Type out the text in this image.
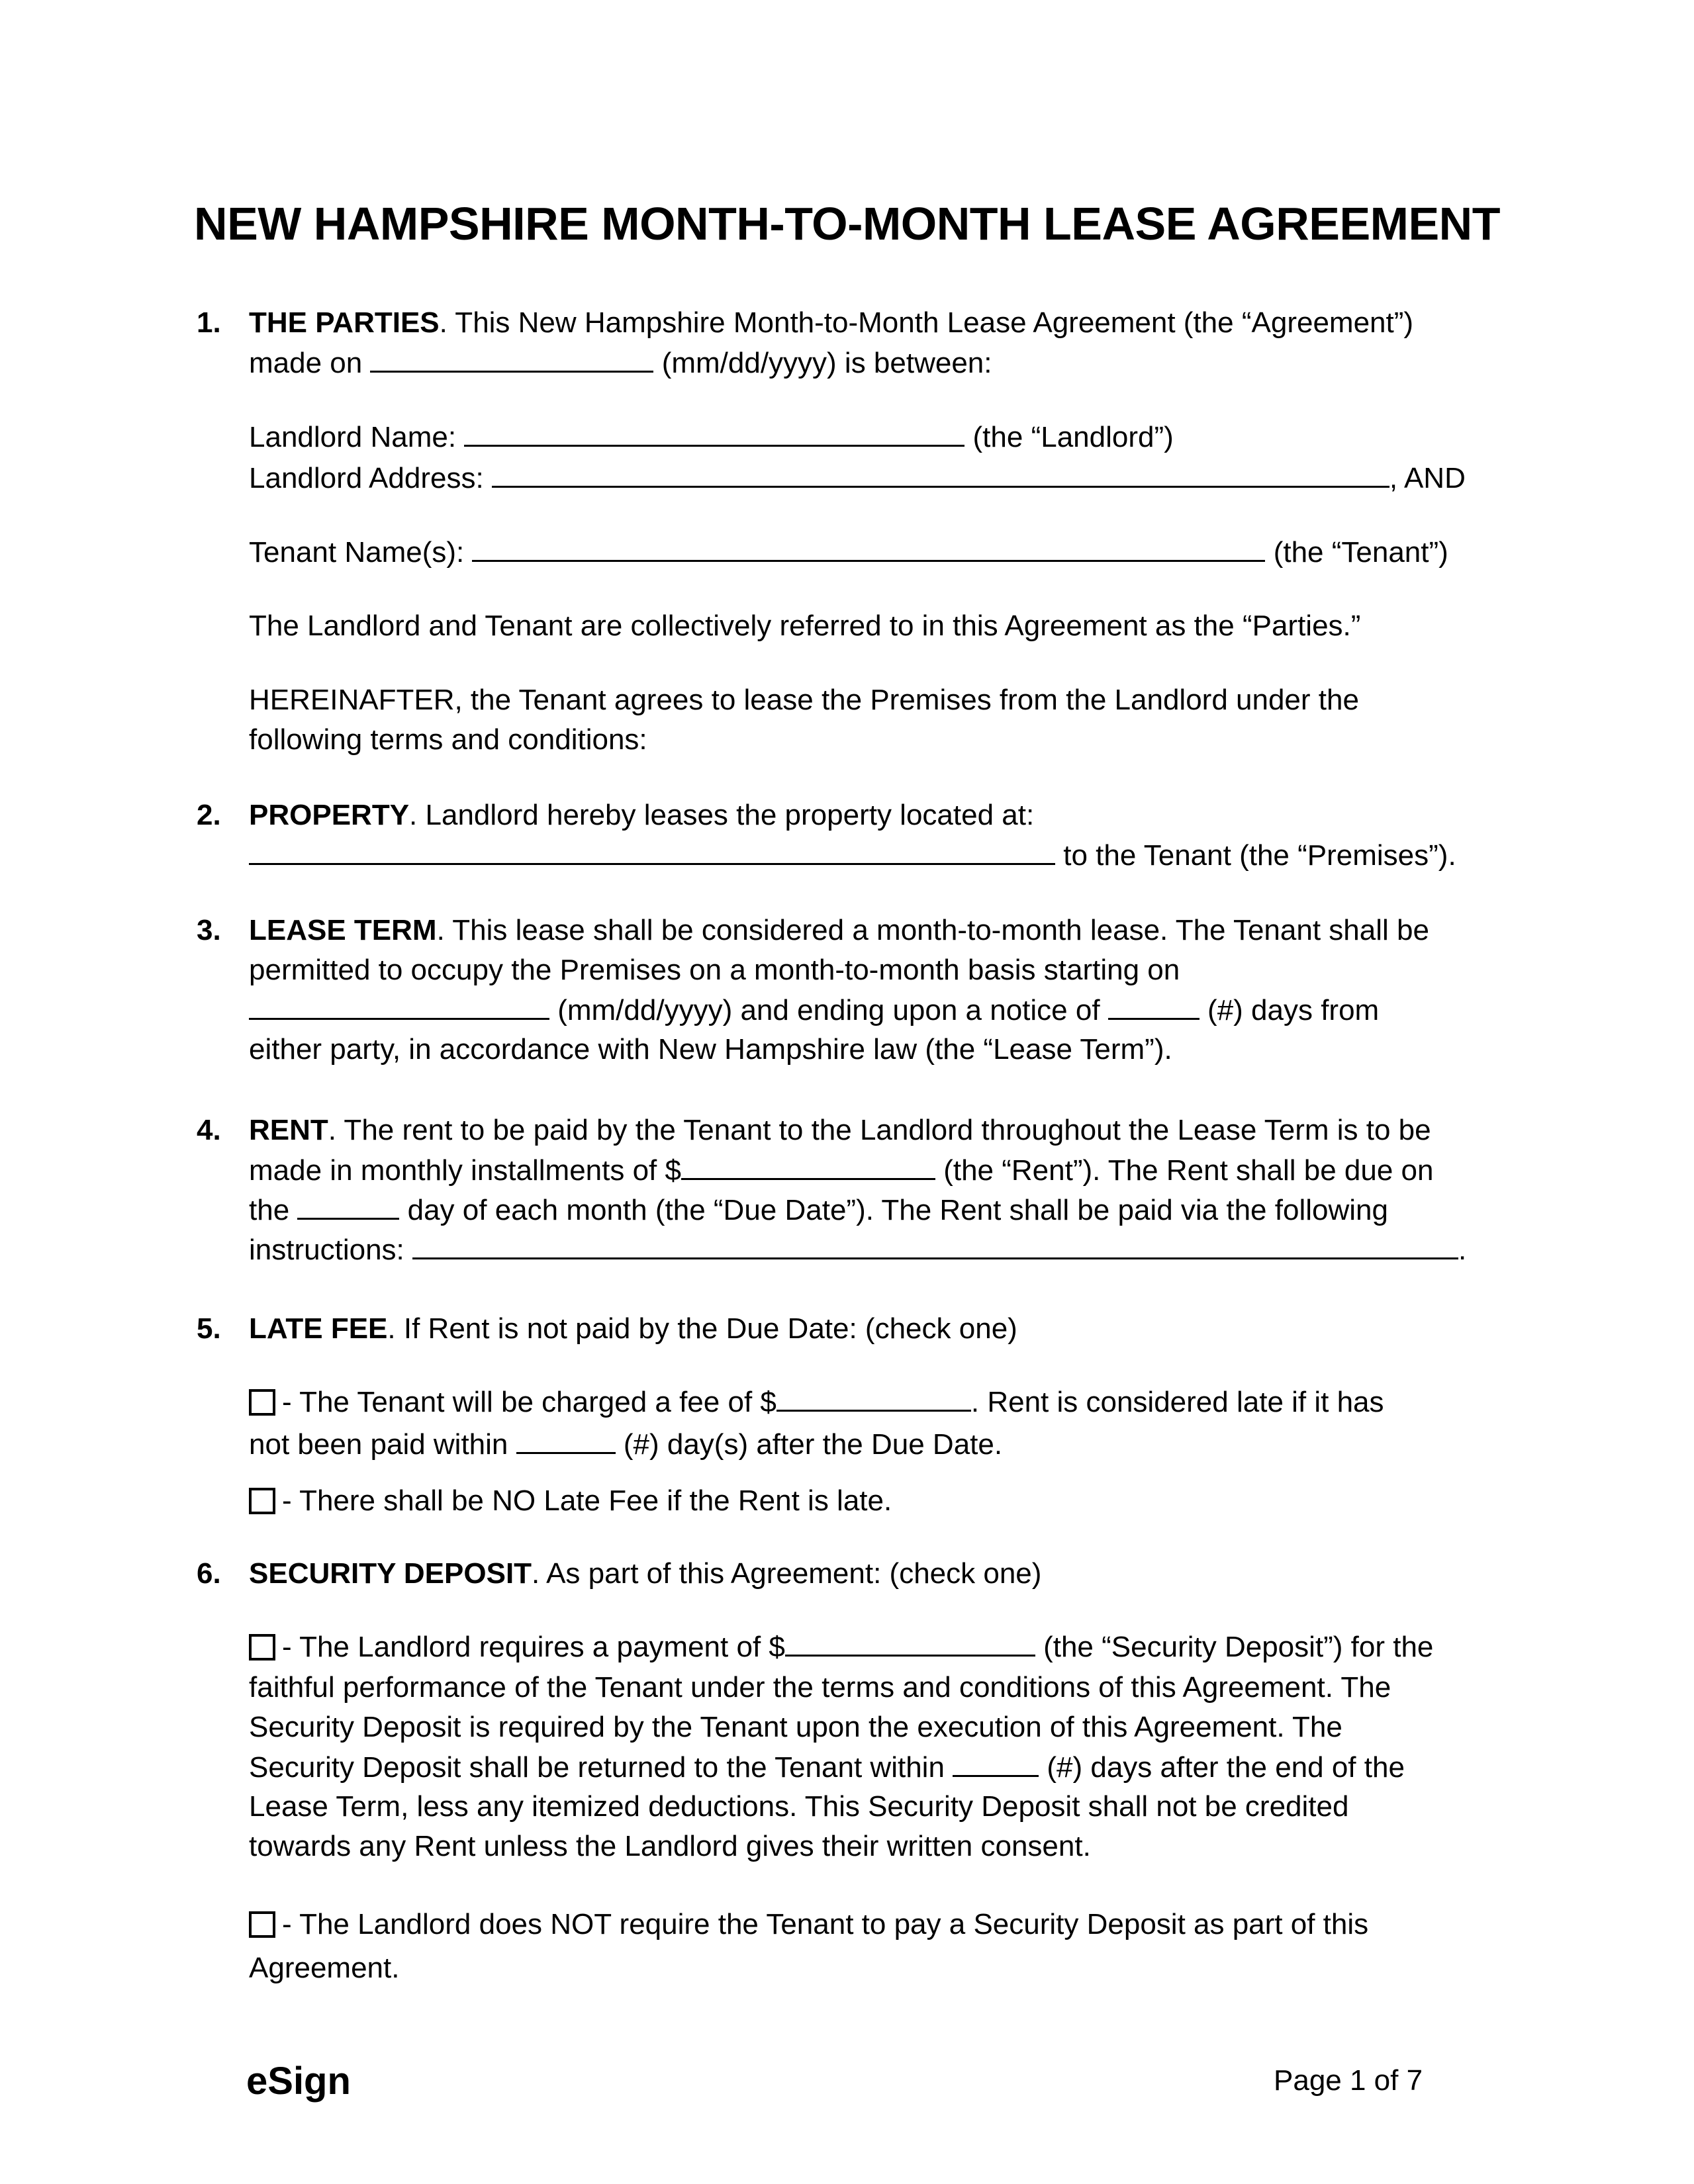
NEW HAMPSHIRE MONTH-TO-MONTH LEASE AGREEMENT
1. THE PARTIES. This New Hampshire Month-to-Month Lease Agreement (the “Agreement”)
made on	(mm/dd/yyyy) is between:
Landlord Name:	(the “Landlord”)
Landlord Address:	, AND
Tenant Name(s):	(the “Tenant”)
The Landlord and Tenant are collectively referred to in this Agreement as the “Parties.”
HEREINAFTER, the Tenant agrees to lease the Premises from the Landlord under the
following terms and conditions:
2. PROPERTY. Landlord hereby leases the property located at:
to the Tenant (the “Premises”).
3. LEASE TERM. This lease shall be considered a month-to-month lease. The Tenant shall be
permitted to occupy the Premises on a month-to-month basis starting on
(mm/dd/yyyy) and ending upon a notice of	(#) days from
either party, in accordance with New Hampshire law (the “Lease Term”).
4. RENT. The rent to be paid by the Tenant to the Landlord throughout the Lease Term is to be
made in monthly installments of $	(the “Rent”). The Rent shall be due on
the	day of each month (the “Due Date”). The Rent shall be paid via the following
instructions:	.
5. LATE FEE. If Rent is not paid by the Due Date: (check one)
- The Tenant will be charged a fee of $	. Rent is considered late if it has
not been paid within	(#) day(s) after the Due Date.
- There shall be NO Late Fee if the Rent is late.
6. SECURITY DEPOSIT. As part of this Agreement: (check one)
- The Landlord requires a payment of $	(the “Security Deposit”) for the
faithful performance of the Tenant under the terms and conditions of this Agreement. The
Security Deposit is required by the Tenant upon the execution of this Agreement. The
Security Deposit shall be returned to the Tenant within	(#) days after the end of the
Lease Term, less any itemized deductions. This Security Deposit shall not be credited
towards any Rent unless the Landlord gives their written consent.
- The Landlord does NOT require the Tenant to pay a Security Deposit as part of this
Agreement.
eSign	Page 1 of 7
